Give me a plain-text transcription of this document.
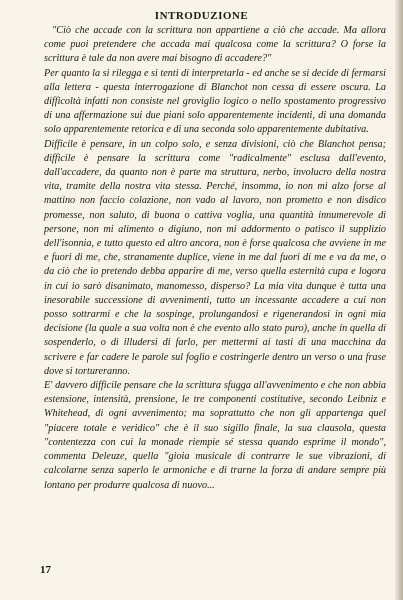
INTRODUZIONE

"Ciò che accade con la scrittura non appartiene a ciò che accade. Ma allora come puoi pretendere che accada mai qualcosa come la scrittura? O forse la scrittura è tale da non avere mai bisogno di accadere?"

Per quanto la si rilegga e si tenti di interpretarla - ed anche se si decide di fermarsi alla lettera - questa interrogazione di Blanchot non cessa di essere oscura. La difficoltà infatti non consiste nel groviglio logico o nello spostamento progressivo di una affermazione sui due piani solo apparentemente incidenti, di una domanda solo apparentemente retorica e di una seconda solo apparentemente dubitativa.

Difficile è pensare, in un colpo solo, e senza divisioni, ciò che Blanchot pensa; difficile è pensare la scrittura come "radicalmente" esclusa dall'evento, dall'accadere, da quanto non è parte ma struttura, nerbo, involucro della nostra vita, tramite della nostra vita stessa. Perché, insomma, io non mi alzo forse al mattino non faccio colazione, non vado al lavoro, non prometto e non disdico promesse, non saluto, di buona o cattiva voglia, una quantità innumerevole di persone, non mi alimento o digiuno, non mi addormento o patisco il supplizio dell'isonnia, e tutto questo ed altro ancora, non è forse qualcosa che avviene in me e fuori di me, che, stranamente duplice, viene in me dal fuori di me e va da me, o da ciò che io pretendo debba apparire di me, verso quella esternità cupa e logora in cui io sarò disanimato, manomesso, disperso? La mia vita dunque è tutta una inesorabile successione di avvenimenti, tutto un incessante accadere a cui non posso sottrarmi e che la sospinge, prolungandosi e rigenerandosi in ogni mia decisione (la quale a sua volta non è che evento allo stato puro), anche in quella di sospenderlo, o di illudersi di farlo, per mettermi ai tasti di una macchina da scrivere e far cadere le parole sul foglio e costringerle dentro un verso o una frase dove si tortureranno.

E' davvero difficile pensare che la scrittura sfugga all'avvenimento e che non abbia estensione, intensità, prensione, le tre componenti costitutive, secondo Leibniz e Whitehead, di ogni avvenimento; ma soprattutto che non gli appartenga quel "piacere totale e veridico" che è il suo sigillo finale, la sua clausola, questa "contentezza con cui la monade riempie sé stessa quando esprime il mondo", commenta Deleuze, quella "gioia musicale di contrarre le sue vibrazioni, di calcolarne senza saperlo le armoniche e di trarne la forza di andare sempre più lontano per produrre qualcosa di nuovo...

17
